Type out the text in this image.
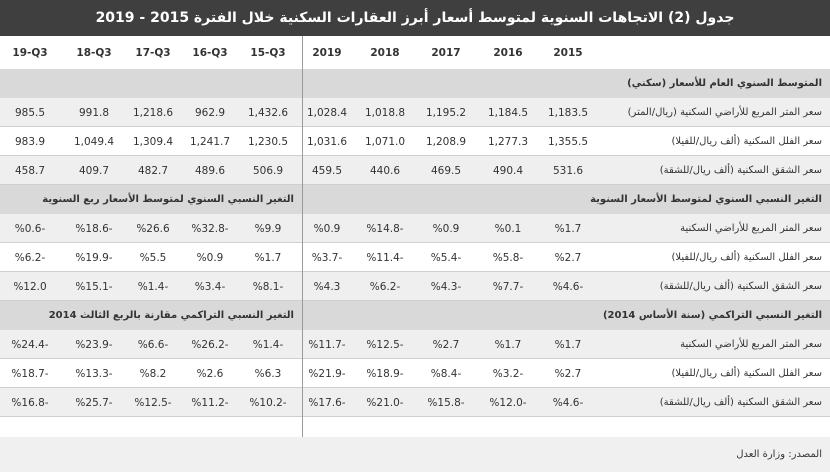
جدول (2) الاتجاهات السنوية لمتوسط أسعار أبرز العقارات السكنية خلال الفترة 2015 - 2019
19-Q3	18-Q3	17-Q3	16-Q3	15-Q3	2019	2018	2017	2016	2015
المتوسط السنوي العام للأسعار (سكني)
سعر المتر المربع للأراضي السكنية (ريال/المتر)
985.5	991.8	1,218.6	962.9	1,432.6	1,028.4	1,018.8	1,195.2	1,184.5	1,183.5
سعر الفلل السكنية (ألف ريال/للفيلا)
983.9	1,049.4	1,309.4	1,241.7	1,230.5	1,031.6	1,071.0	1,208.9	1,277.3	1,355.5
سعر الشقق السكنية (ألف ريال/للشقة)
458.7	409.7	482.7	489.6	506.9	459.5	440.6	469.5	490.4	531.6
التغير النسبي السنوي لمتوسط الأسعار السنوية
التغير النسبي السنوي لمتوسط الأسعار ربع السنوية
سعر المتر المربع للأراضي السكنية
%0.6-	%18.6-	%26.6	%32.8-	%9.9	%0.9	%14.8-	%0.9	%0.1	%1.7
سعر الفلل السكنية (ألف ريال/للفيلا)
%6.2-	%19.9-	%5.5	%0.9	%1.7	%3.7-	%11.4-	%5.4-	%5.8-	%2.7
سعر الشقق السكنية (ألف ريال/للشقة)
%12.0	%15.1-	%1.4-	%3.4-	%8.1-	%4.3	%6.2-	%4.3-	%7.7-	%4.6-
التغير النسبي التراكمي (سنة الأساس 2014)
التغير النسبي التراكمي مقارنة بالربع الثالث 2014
سعر المتر المربع للأراضي السكنية
%24.4-	%23.9-	%6.6-	%26.2-	%1.4-	%11.7-	%12.5-	%2.7	%1.7	%1.7
سعر الفلل السكنية (ألف ريال/للفيلا)
%18.7-	%13.3-	%8.2	%2.6	%6.3	%21.9-	%18.9-	%8.4-	%3.2-	%2.7
سعر الشقق السكنية (ألف ريال/للشقة)
%16.8-	%25.7-	%12.5-	%11.2-	%10.2-	%17.6-	%21.0-	%15.8-	%12.0-	%4.6-
المصدر: وزارة العدل
